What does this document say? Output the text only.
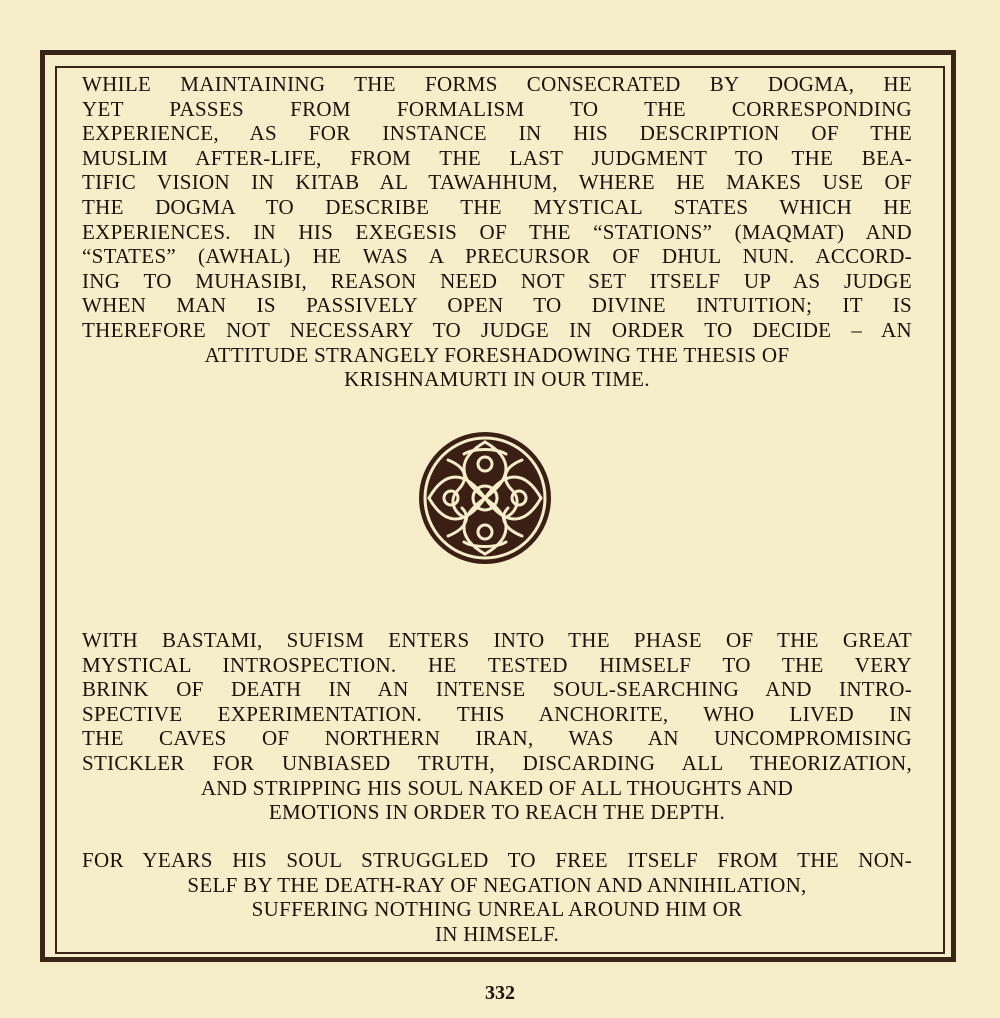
WHILE MAINTAINING THE FORMS CONSECRATED BY DOGMA, HE
YET PASSES FROM FORMALISM TO THE CORRESPONDING
EXPERIENCE, AS FOR INSTANCE IN HIS DESCRIPTION OF THE
MUSLIM AFTER-LIFE, FROM THE LAST JUDGMENT TO THE BEA-
TIFIC VISION IN KITAB AL TAWAHHUM, WHERE HE MAKES USE OF
THE DOGMA TO DESCRIBE THE MYSTICAL STATES WHICH HE
EXPERIENCES. IN HIS EXEGESIS OF THE “STATIONS” (MAQMAT) AND
“STATES” (AWHAL) HE WAS A PRECURSOR OF DHUL NUN. ACCORD-
ING TO MUHASIBI, REASON NEED NOT SET ITSELF UP AS JUDGE
WHEN MAN IS PASSIVELY OPEN TO DIVINE INTUITION; IT IS
THEREFORE NOT NECESSARY TO JUDGE IN ORDER TO DECIDE – AN
ATTITUDE STRANGELY FORESHADOWING THE THESIS OF
KRISHNAMURTI IN OUR TIME.
WITH BASTAMI, SUFISM ENTERS INTO THE PHASE OF THE GREAT
MYSTICAL INTROSPECTION. HE TESTED HIMSELF TO THE VERY
BRINK OF DEATH IN AN INTENSE SOUL-SEARCHING AND INTRO-
SPECTIVE EXPERIMENTATION. THIS ANCHORITE, WHO LIVED IN
THE CAVES OF NORTHERN IRAN, WAS AN UNCOMPROMISING
STICKLER FOR UNBIASED TRUTH, DISCARDING ALL THEORIZATION,
AND STRIPPING HIS SOUL NAKED OF ALL THOUGHTS AND
EMOTIONS IN ORDER TO REACH THE DEPTH.
FOR YEARS HIS SOUL STRUGGLED TO FREE ITSELF FROM THE NON-
SELF BY THE DEATH-RAY OF NEGATION AND ANNIHILATION,
SUFFERING NOTHING UNREAL AROUND HIM OR
IN HIMSELF.
332
